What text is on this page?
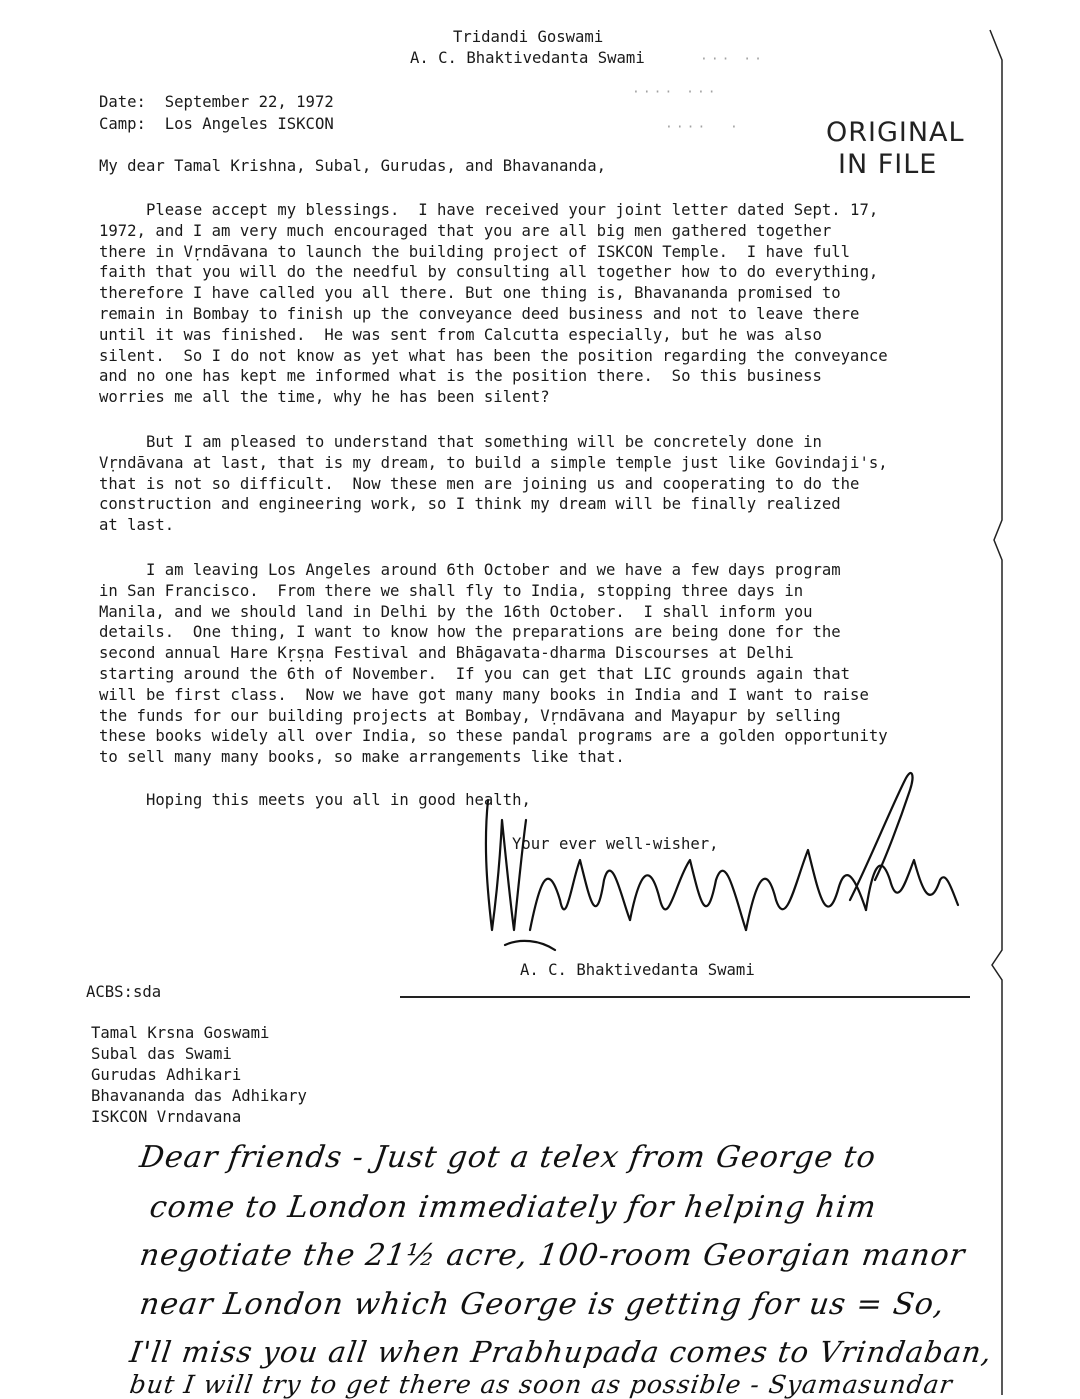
Tridandi Goswami
A. C. Bhaktivedanta Swami	··· ··
···· ···
····  ·	ORIGINAL
IN FILE
Date: September 22, 1972
Camp: Los Angeles ISKCON
My dear Tamal Krishna, Subal, Gurudas, and Bhavananda,
Please accept my blessings.  I have received your joint letter dated Sept. 17,
1972, and I am very much encouraged that you are all big men gathered together
there in Vṛndāvana to launch the building project of ISKCON Temple.  I have full
faith that you will do the needful by consulting all together how to do everything,
therefore I have called you all there. But one thing is, Bhavananda promised to
remain in Bombay to finish up the conveyance deed business and not to leave there
until it was finished.  He was sent from Calcutta especially, but he was also
silent.  So I do not know as yet what has been the position regarding the conveyance
and no one has kept me informed what is the position there.  So this business
worries me all the time, why he has been silent?
But I am pleased to understand that something will be concretely done in
Vṛndāvana at last, that is my dream, to build a simple temple just like Govindaji's,
that is not so difficult.  Now these men are joining us and cooperating to do the
construction and engineering work, so I think my dream will be finally realized
at last.
I am leaving Los Angeles around 6th October and we have a few days program
in San Francisco.  From there we shall fly to India, stopping three days in
Manila, and we should land in Delhi by the 16th October.  I shall inform you
details.  One thing, I want to know how the preparations are being done for the
second annual Hare Kṛṣṇa Festival and Bhāgavata-dharma Discourses at Delhi
starting around the 6th of November.  If you can get that LIC grounds again that
will be first class.  Now we have got many many books in India and I want to raise
the funds for our building projects at Bombay, Vṛndāvana and Mayapur by selling
these books widely all over India, so these pandal programs are a golden opportunity
to sell many many books, so make arrangements like that.
Hoping this meets you all in good health,
Your ever well-wisher,
A. C. Bhaktivedanta Swami
ACBS:sda
Tamal Krsna Goswami
Subal das Swami
Gurudas Adhikari
Bhavananda das Adhikary
ISKCON Vrndavana
Dear friends - Just got a telex from George to
come to London immediately for helping him
negotiate the 21½ acre, 100-room Georgian manor
near London which George is getting for us = So,
I'll miss you all when Prabhupada comes to Vrindaban,
but I will try to get there as soon as possible - Syamasundar
